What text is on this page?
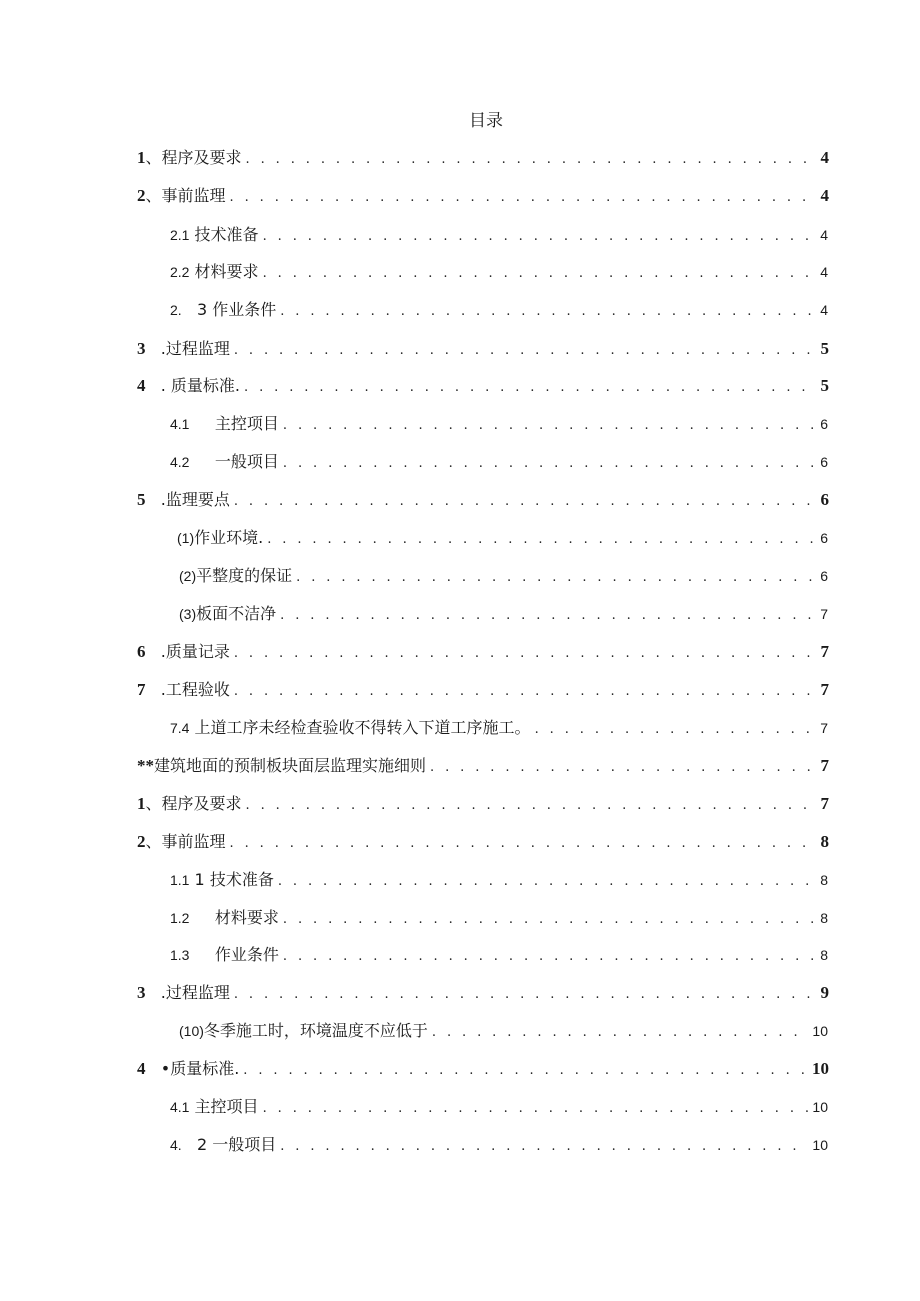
目录
1、程序及要求 . . .	4
2、事前监理 . . .	4
2.1 技术准备 . . .	4
2.2 材料要求 . . .	4
2.   3 作业条件 . . .	4
3   .过程监理 . . .	5
4   . 质量标准. . . .	5
4.1     主控项目 . . .	6
4.2     一般项目 . . .	6
5   .监理要点 . . .	6
(1)作业环境. . . .	6
(2)平整度的保证 . . .	6
(3)板面不洁净 . . .	7
6   .质量记录 . . .	7
7   .工程验收 . . .	7
7.4 上道工序未经检查验收不得转入下道工序施工。 . . .	7
**建筑地面的预制板块面层监理实施细则 . . .	7
1、程序及要求 . . .	7
2、事前监理 . . .	8
1.1 1 技术准备 . . .	8
1.2     材料要求 . . .	8
1.3     作业条件 . . .	8
3   .过程监理 . . .	9
(10)冬季施工时，环境温度不应低于 . . .	10
4   •质量标准. . . .	10
4.1 主控项目 . . .	10
4.   2 一般项目 . . .	10
